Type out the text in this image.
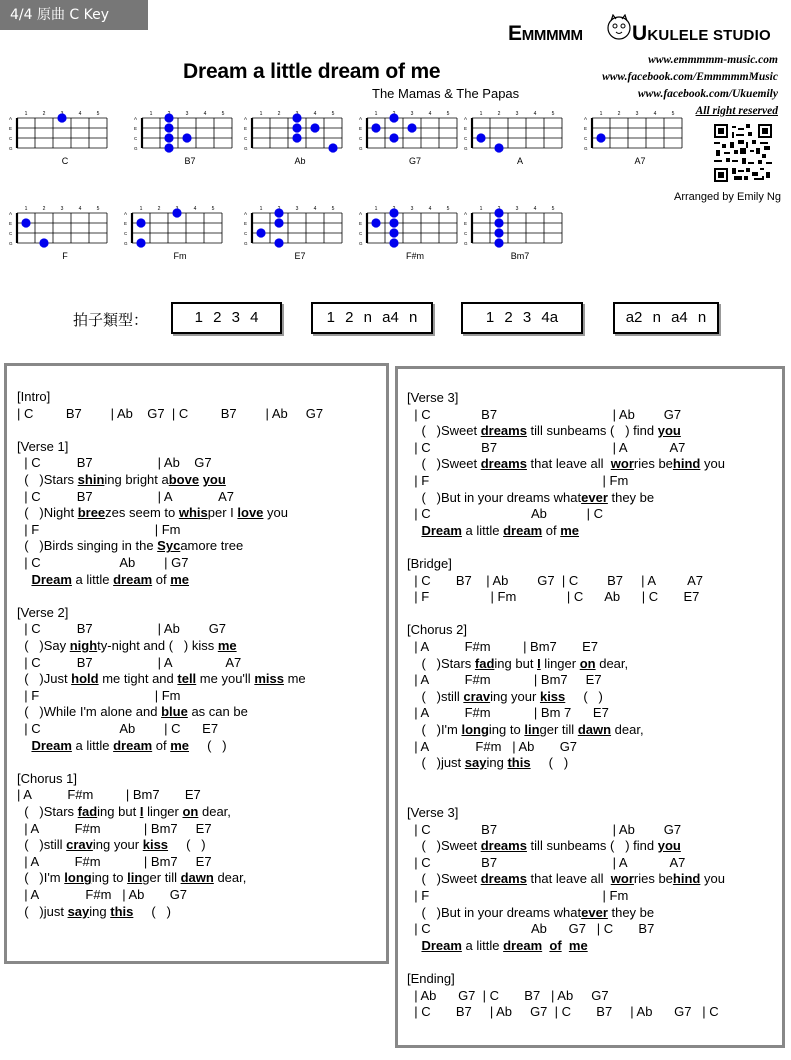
4/4 原曲 C Key
EMMMMM UKULELE STUDIO
Dream a little dream of me
The Mamas & The Papas
www.emmmmm-music.com
www.facebook.com/EmmmmmMusic
www.facebook.com/Ukuemily
All right reserved
Arranged by Emily Ng
1	2	4	5
A
E
C
G
C
1	3	4	5
A
E
C
G
B7
1	2	4	5
A
E
C
G
Ab
1	3	4	5
A
E
C
G
G7
1	2	3	4	5
A
E
C
G
A
1	2	3	4	5
A
E
C
G
A7
1	2	3	4	5
A
E
C
G
F
1	2	4	5
A
E
C
G
Fm
1	3	4	5
A
E
C
G
E7
1	3	4	5
A
E
C
G
F#m
1	3	4	5
A
E
C
G
Bm7
拍子類型：	1 2 3 4	1 2 n a4 n	1 2 3 4a	a2 n a4 n
[Intro]
| C         B7        | Ab    G7  | C         B7        | Ab     G7

[Verse 1]
| C          B7                  | Ab    G7
(   )Stars shining bright above you
| C          B7                  | A             A7
(   )Night breezes seem to whisper I love you
| F                                | Fm
(   )Birds singing in the Sycamore tree
| C                      Ab        | G7
Dream a little dream of me

[Verse 2]
| C          B7                  | Ab        G7
(   )Say nighty-night and (   ) kiss me
| C          B7                  | A               A7
(   )Just hold me tight and tell me you'll miss me
| F                                | Fm
(   )While I'm alone and blue as can be
| C                      Ab        | C      E7
Dream a little dream of me     (   )

[Chorus 1]
| A          F#m         | Bm7       E7
(   )Stars fading but I linger on dear,
| A          F#m            | Bm7     E7
(   )still craving your kiss     (   )
| A          F#m            | Bm7     E7
(   )I'm longing to linger till dawn dear,
| A             F#m   | Ab       G7
(   )just saying this     (   )
[Verse 3]
| C              B7                                | Ab        G7
(   )Sweet dreams till sunbeams (   ) find you
| C              B7                                | A            A7
(   )Sweet dreams that leave all  worries behind you
| F                                                | Fm
(   )But in your dreams whatever they be
| C                            Ab           | C
Dream a little dream of me

[Bridge]
| C       B7    | Ab        G7  | C        B7     | A         A7
| F                 | Fm              | C      Ab      | C       E7

[Chorus 2]
| A          F#m         | Bm7       E7
(   )Stars fading but I linger on dear,
| A          F#m            | Bm7     E7
(   )still craving your kiss     (   )
| A          F#m            | Bm 7      E7
(   )I'm longing to linger till dawn dear,
| A             F#m   | Ab       G7
(   )just saying this     (   )

[Verse 3]
| C              B7                                | Ab        G7
(   )Sweet dreams till sunbeams (   ) find you
| C              B7                                | A            A7
(   )Sweet dreams that leave all  worries behind you
| F                                                | Fm
(   )But in your dreams whatever they be
| C                            Ab      G7   | C       B7
Dream a little dream of me

[Ending]
| Ab      G7  | C       B7   | Ab     G7
| C       B7     | Ab     G7  | C       B7     | Ab      G7   | C
